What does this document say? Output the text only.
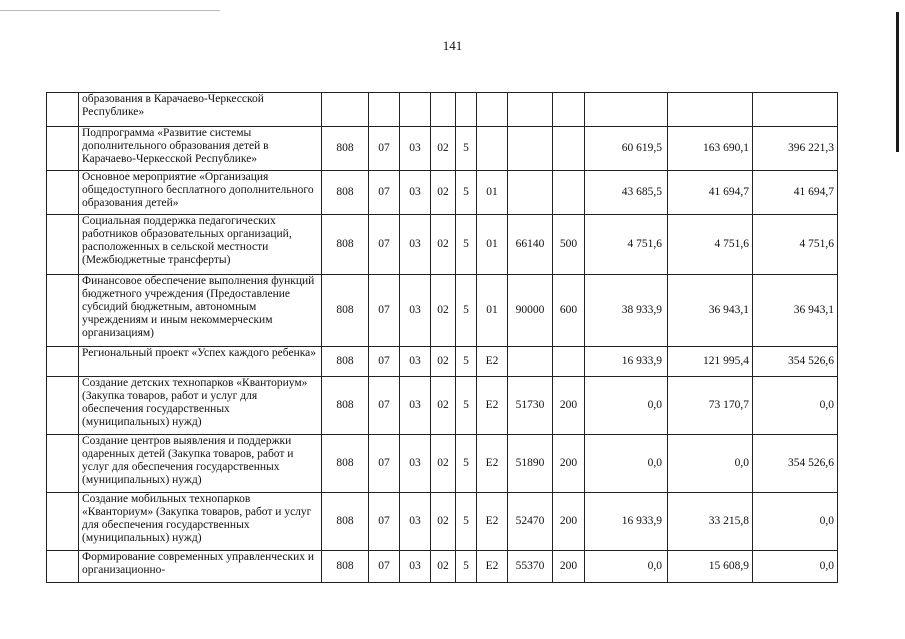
141
	образования в Карачаево-Черкесской Республике»											
	Подпрограмма «Развитие системы дополнительного образования детей в Карачаево-Черкесской Республике»	808	07	03	02	5				60 619,5	163 690,1	396 221,3
	Основное мероприятие «Организация общедоступного бесплатного дополнительного образования детей»	808	07	03	02	5	01			43 685,5	41 694,7	41 694,7
	Социальная поддержка педагогических работников образовательных организаций, расположенных в сельской местности (Межбюджетные трансферты)	808	07	03	02	5	01	66140	500	4 751,6	4 751,6	4 751,6
	Финансовое обеспечение выполнения функций бюджетного учреждения (Предоставление субсидий бюджетным, автономным учреждениям и иным некоммерческим организациям)	808	07	03	02	5	01	90000	600	38 933,9	36 943,1	36 943,1
	Региональный проект «Успех каждого ребенка»	808	07	03	02	5	E2			16 933,9	121 995,4	354 526,6
	Создание детских технопарков «Кванториум» (Закупка товаров, работ и услуг для обеспечения государственных (муниципальных) нужд)	808	07	03	02	5	E2	51730	200	0,0	73 170,7	0,0
	Создание центров выявления и поддержки одаренных детей (Закупка товаров, работ и услуг для обеспечения государственных (муниципальных) нужд)	808	07	03	02	5	E2	51890	200	0,0	0,0	354 526,6
	Создание мобильных технопарков «Кванториум» (Закупка товаров, работ и услуг для обеспечения государственных (муниципальных) нужд)	808	07	03	02	5	E2	52470	200	16 933,9	33 215,8	0,0
	Формирование современных управленческих и организационно-	808	07	03	02	5	E2	55370	200	0,0	15 608,9	0,0
